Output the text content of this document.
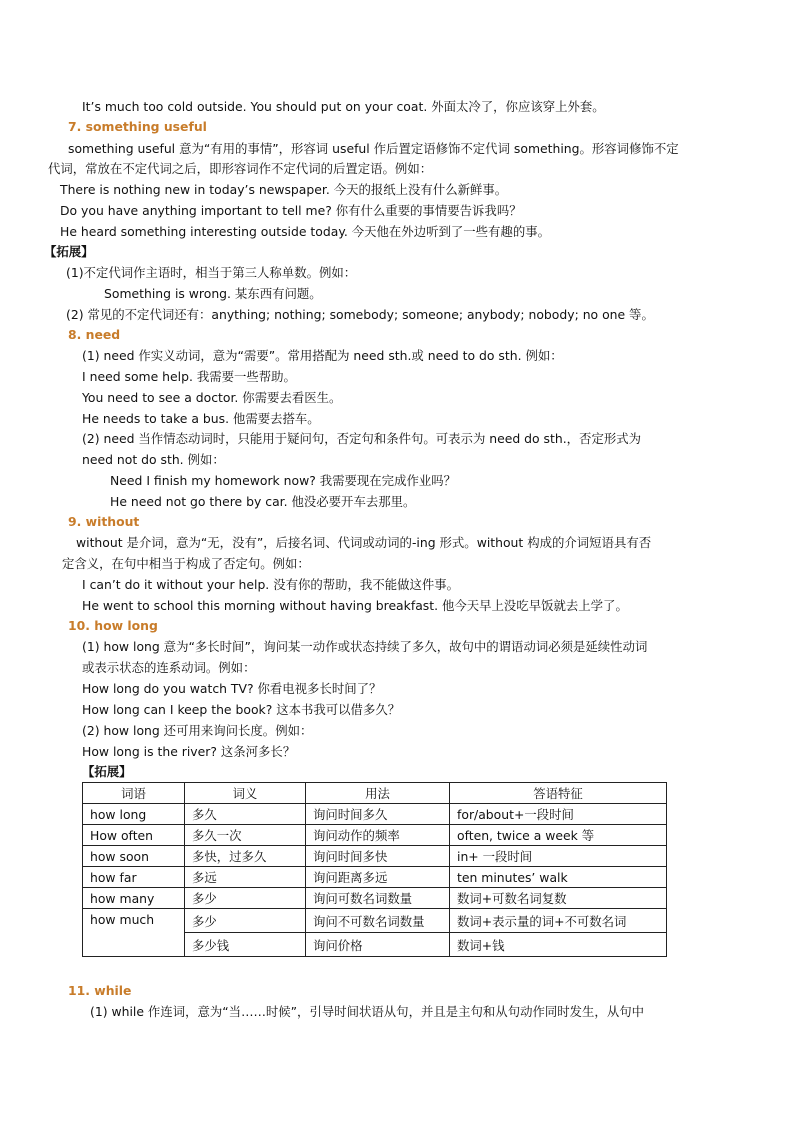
It’s much too cold outside. You should put on your coat. 外面太冷了，你应该穿上外套。
7. something useful
something useful 意为“有用的事情”，形容词 useful 作后置定语修饰不定代词 something。形容词修饰不定
代词，常放在不定代词之后，即形容词作不定代词的后置定语。例如：
There is nothing new in today’s newspaper. 今天的报纸上没有什么新鲜事。
Do you have anything important to tell me? 你有什么重要的事情要告诉我吗？
He heard something interesting outside today. 今天他在外边听到了一些有趣的事。
【拓展】
(1)不定代词作主语时，相当于第三人称单数。例如：
Something is wrong. 某东西有问题。
(2) 常见的不定代词还有：anything; nothing; somebody; someone; anybody; nobody; no one 等。
8. need
(1) need 作实义动词，意为“需要”。常用搭配为 need sth.或 need to do sth. 例如：
I need some help. 我需要一些帮助。
You need to see a doctor. 你需要去看医生。
He needs to take a bus. 他需要去搭车。
(2) need 当作情态动词时，只能用于疑问句，否定句和条件句。可表示为 need do sth.，否定形式为
need not do sth. 例如：
Need I finish my homework now? 我需要现在完成作业吗？
He need not go there by car. 他没必要开车去那里。
9. without
without 是介词，意为“无，没有”，后接名词、代词或动词的-ing 形式。without 构成的介词短语具有否
定含义，在句中相当于构成了否定句。例如：
I can’t do it without your help. 没有你的帮助，我不能做这件事。
He went to school this morning without having breakfast. 他今天早上没吃早饭就去上学了。
10. how long
(1) how long 意为“多长时间”，询问某一动作或状态持续了多久，故句中的谓语动词必须是延续性动词
或表示状态的连系动词。例如：
How long do you watch TV? 你看电视多长时间了？
How long can I keep the book? 这本书我可以借多久？
(2) how long 还可用来询问长度。例如：
How long is the river? 这条河多长？
【拓展】
词语	词义	用法	答语特征
how long	多久	询问时间多久	for/about+一段时间
How often	多久一次	询问动作的频率	often, twice a week 等
how soon	多快，过多久	询问时间多快	in+ 一段时间
how far	多远	询问距离多远	ten minutes’ walk
how many	多少	询问可数名词数量	数词+可数名词复数
how much	多少	询问不可数名词数量	数词+表示量的词+不可数名词
	多少钱	询问价格	数词+钱
11. while
(1) while 作连词，意为“当……时候”，引导时间状语从句，并且是主句和从句动作同时发生，从句中
